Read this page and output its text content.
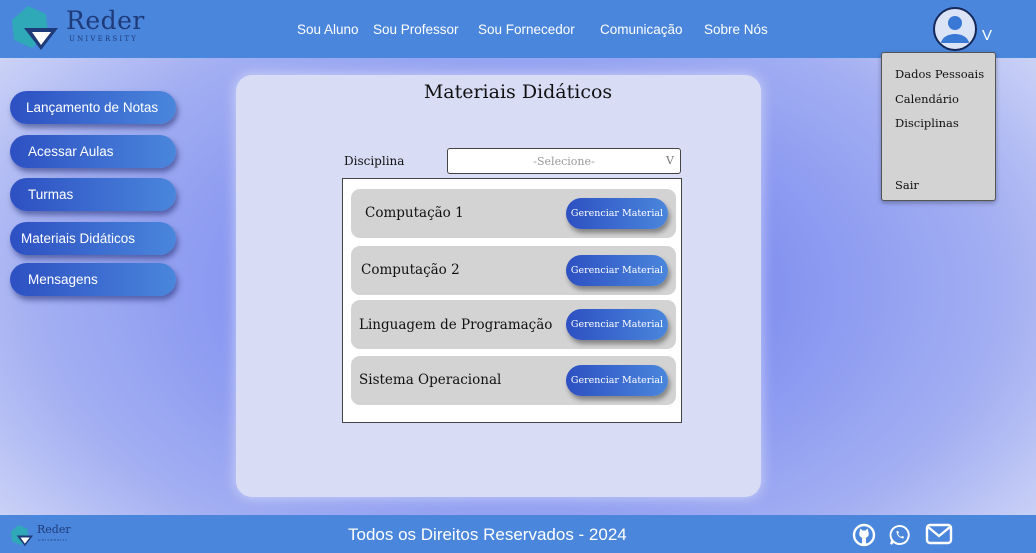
Reder
UNIVERSITY
Sou Aluno Sou Professor Sou Fornecedor Comunicação Sobre Nós	V
Dados Pessoais
Calendário
Disciplinas
Sair
Lançamento de Notas
Acessar Aulas
Turmas
Materiais Didáticos
Mensagens
Materiais Didáticos
Disciplina	-Selecione-	V
Computação 1	Gerenciar Material
Computação 2	Gerenciar Material
Linguagem de Programação	Gerenciar Material
Sistema Operacional	Gerenciar Material
Reder
UNIVERSITY	Todos os Direitos Reservados - 2024
